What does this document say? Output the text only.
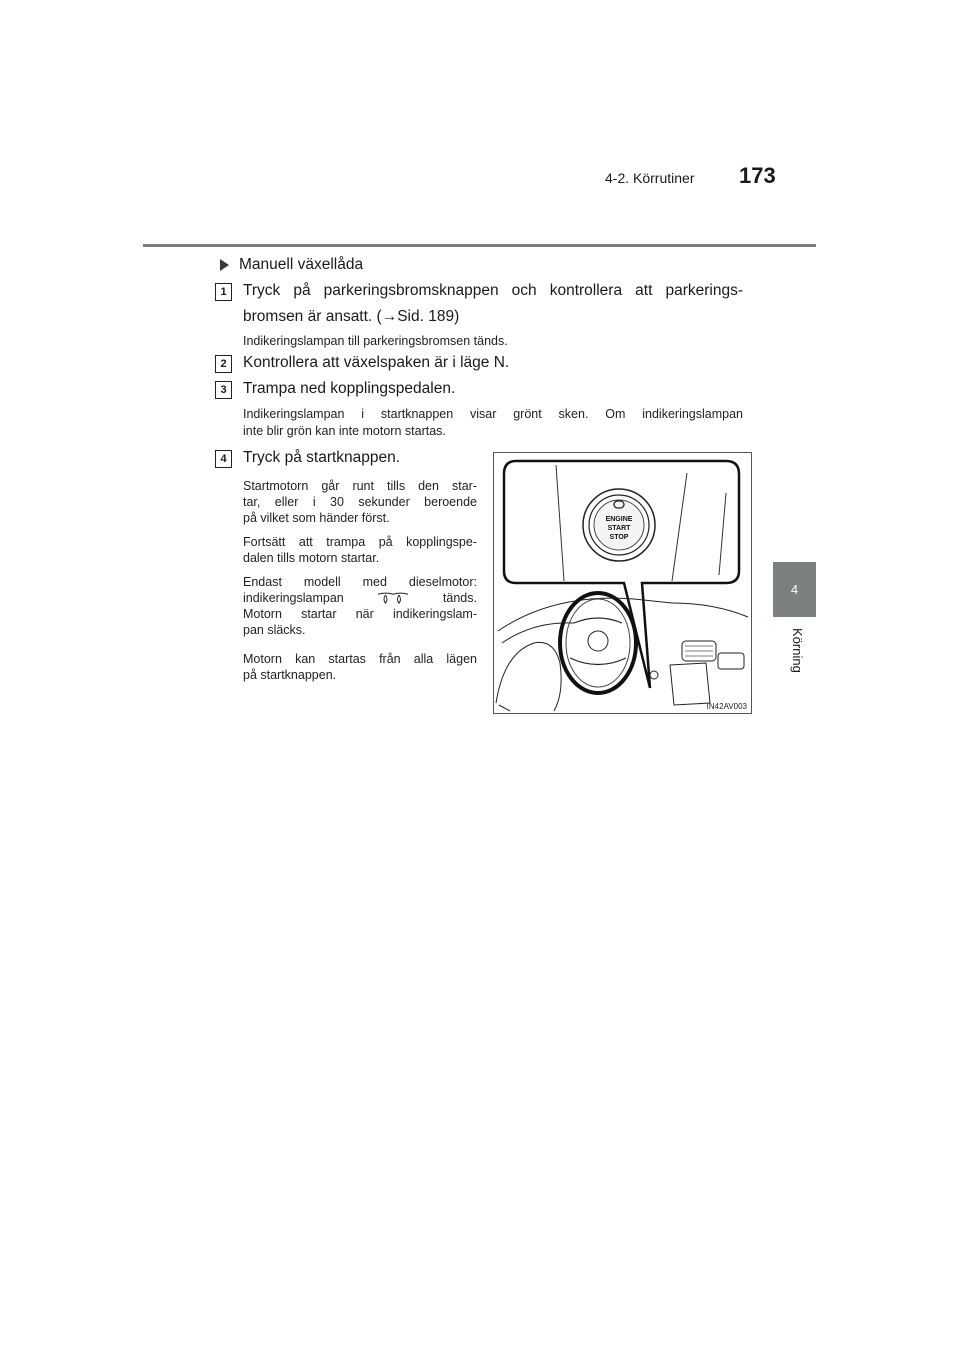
4-2. Körrutiner 173
4
Körning
Manuell växellåda
1	Tryck på parkeringsbromsknappen och kontrollera att parkerings-
bromsen är ansatt. (→Sid. 189)
Indikeringslampan till parkeringsbromsen tänds.
2	Kontrollera att växelspaken är i läge N.
3	Trampa ned kopplingspedalen.
Indikeringslampan i startknappen visar grönt sken. Om indikeringslampan
inte blir grön kan inte motorn startas.
4	Tryck på startknappen.
Startmotorn går runt tills den star-
tar, eller i 30 sekunder beroende
på vilket som händer först.
Fortsätt att trampa på kopplingspe-
dalen tills motorn startar.
Endast modell med dieselmotor:
indikeringslampan	tänds.
Motorn startar när indikeringslam-
pan släcks.
Motorn kan startas från alla lägen
på startknappen.
ENGINE
START
STOP
IN42AV003
